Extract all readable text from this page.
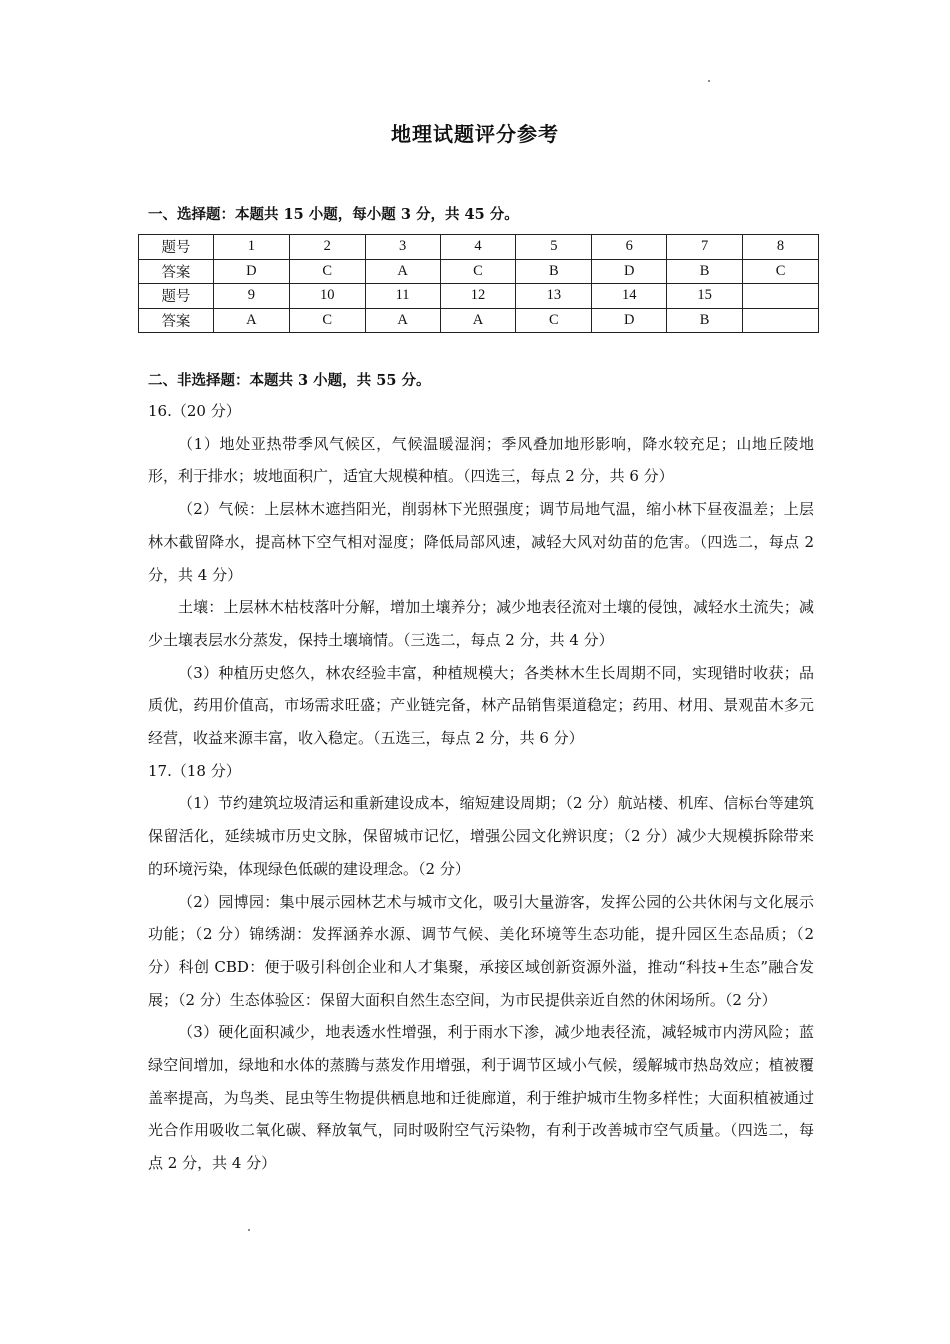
地理试题评分参考
一、选择题：本题共 15 小题，每小题 3 分，共 45 分。
题号	1	2	3	4	5	6	7	8
答案	D	C	A	C	B	D	B	C
题号	9	10	11	12	13	14	15	
答案	A	C	A	A	C	D	B	
二、非选择题：本题共 3 小题，共 55 分。

16.（20 分）

（1）地处亚热带季风气候区，气候温暖湿润；季风叠加地形影响，降水较充足；山地丘陵地形，利于排水；坡地面积广，适宜大规模种植。（四选三，每点 2 分，共 6 分）

（2）气候：上层林木遮挡阳光，削弱林下光照强度；调节局地气温，缩小林下昼夜温差；上层林木截留降水，提高林下空气相对湿度；降低局部风速，减轻大风对幼苗的危害。（四选二，每点 2 分，共 4 分）

土壤：上层林木枯枝落叶分解，增加土壤养分；减少地表径流对土壤的侵蚀，减轻水土流失；减少土壤表层水分蒸发，保持土壤墒情。（三选二，每点 2 分，共 4 分）

（3）种植历史悠久，林农经验丰富，种植规模大；各类林木生长周期不同，实现错时收获；品质优，药用价值高，市场需求旺盛；产业链完备，林产品销售渠道稳定；药用、材用、景观苗木多元经营，收益来源丰富，收入稳定。（五选三，每点 2 分，共 6 分）

17.（18 分）

（1）节约建筑垃圾清运和重新建设成本，缩短建设周期；（2 分）航站楼、机库、信标台等建筑保留活化，延续城市历史文脉，保留城市记忆，增强公园文化辨识度；（2 分）减少大规模拆除带来的环境污染，体现绿色低碳的建设理念。（2 分）

（2）园博园：集中展示园林艺术与城市文化，吸引大量游客，发挥公园的公共休闲与文化展示功能；（2 分）锦绣湖：发挥涵养水源、调节气候、美化环境等生态功能，提升园区生态品质；（2 分）科创 CBD：便于吸引科创企业和人才集聚，承接区域创新资源外溢，推动“科技+生态”融合发展；（2 分）生态体验区：保留大面积自然生态空间，为市民提供亲近自然的休闲场所。（2 分）

（3）硬化面积减少，地表透水性增强，利于雨水下渗，减少地表径流，减轻城市内涝风险；蓝绿空间增加，绿地和水体的蒸腾与蒸发作用增强，利于调节区域小气候，缓解城市热岛效应；植被覆盖率提高，为鸟类、昆虫等生物提供栖息地和迁徙廊道，利于维护城市生物多样性；大面积植被通过光合作用吸收二氧化碳、释放氧气，同时吸附空气污染物，有利于改善城市空气质量。（四选二，每点 2 分，共 4 分）
